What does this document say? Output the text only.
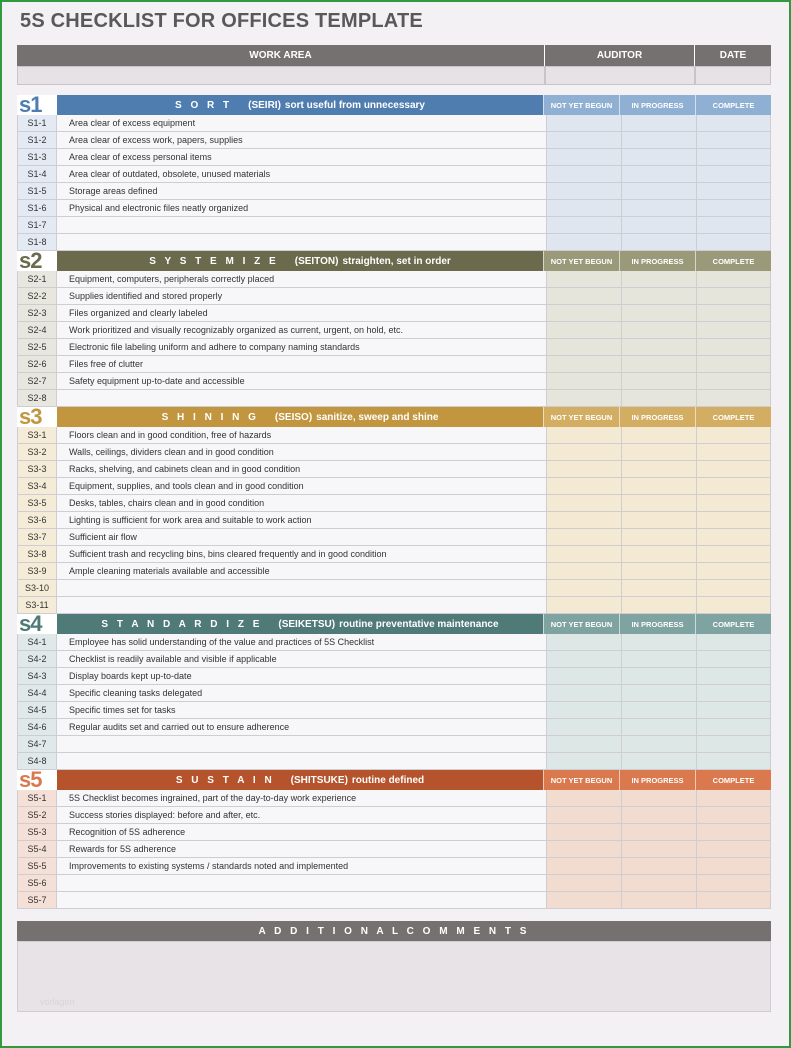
5S CHECKLIST FOR OFFICES TEMPLATE
WORK AREA	AUDITOR	DATE
s1	S O R T (SEIRI) sort useful from unnecessary	NOT YET BEGUN	IN PROGRESS	COMPLETE
S1-1	Area clear of excess equipment
S1-2	Area clear of excess work, papers, supplies
S1-3	Area clear of excess personal items
S1-4	Area clear of outdated, obsolete, unused materials
S1-5	Storage areas defined
S1-6	Physical and electronic files neatly organized
S1-7
S1-8
s2	S Y S T E M I Z E (SEITON) straighten, set in order	NOT YET BEGUN	IN PROGRESS	COMPLETE
S2-1	Equipment, computers, peripherals correctly placed
S2-2	Supplies identified and stored properly
S2-3	Files organized and clearly labeled
S2-4	Work prioritized and visually recognizably organized as current, urgent, on hold, etc.
S2-5	Electronic file labeling uniform and adhere to company naming standards
S2-6	Files free of clutter
S2-7	Safety equipment up-to-date and accessible
S2-8
s3	S H I N I N G (SEISO) sanitize, sweep and shine	NOT YET BEGUN	IN PROGRESS	COMPLETE
S3-1	Floors clean and in good condition, free of hazards
S3-2	Walls, ceilings, dividers clean and in good condition
S3-3	Racks, shelving, and cabinets clean and in good condition
S3-4	Equipment, supplies, and tools clean and in good condition
S3-5	Desks, tables, chairs clean and in good condition
S3-6	Lighting is sufficient for work area and suitable to work action
S3-7	Sufficient air flow
S3-8	Sufficient trash and recycling bins, bins cleared frequently and in good condition
S3-9	Ample cleaning materials available and accessible
S3-10
S3-11
s4	S T A N D A R D I Z E (SEIKETSU) routine preventative maintenance	NOT YET BEGUN	IN PROGRESS	COMPLETE
S4-1	Employee has solid understanding of the value and practices of 5S Checklist
S4-2	Checklist is readily available and visible if applicable
S4-3	Display boards kept up-to-date
S4-4	Specific cleaning tasks delegated
S4-5	Specific times set for tasks
S4-6	Regular audits set and carried out to ensure adherence
S4-7
S4-8
s5	S U S T A I N (SHITSUKE) routine defined	NOT YET BEGUN	IN PROGRESS	COMPLETE
S5-1	5S Checklist becomes ingrained, part of the day-to-day work experience
S5-2	Success stories displayed: before and after, etc.
S5-3	Recognition of 5S adherence
S5-4	Rewards for 5S adherence
S5-5	Improvements to existing systems / standards noted and implemented
S5-6
S5-7
A D D I T I O N A L C O M M E N T S
vorlagen
